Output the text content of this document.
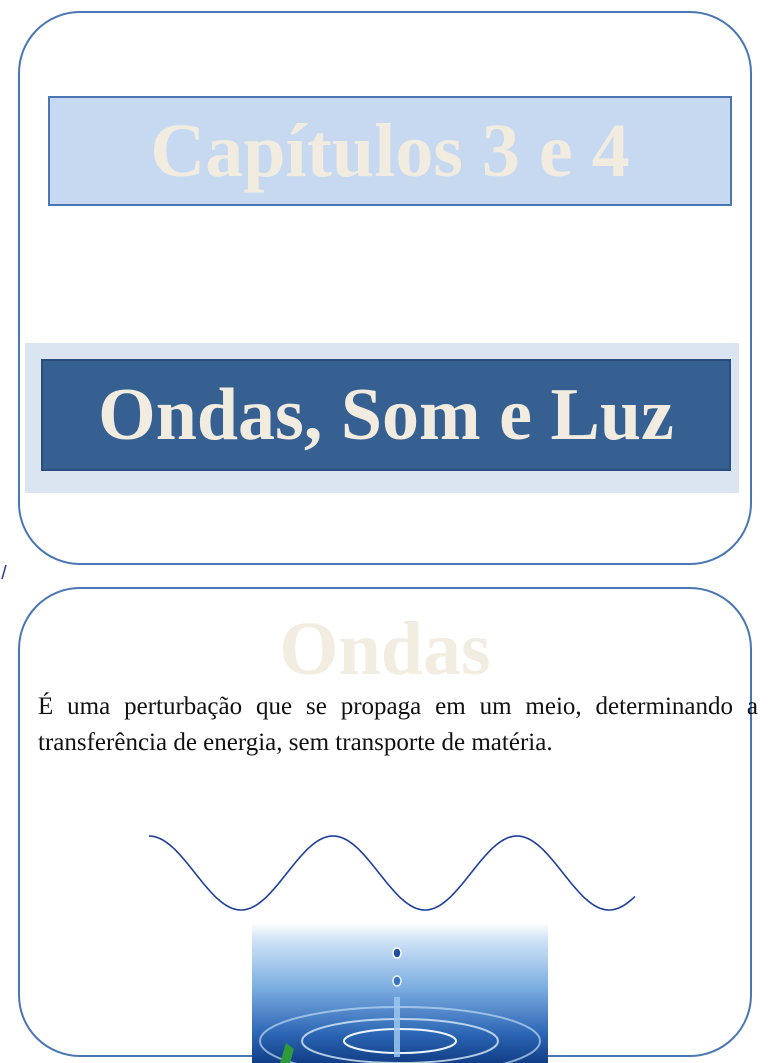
Capítulos 3 e 4
Ondas, Som e Luz
Ondas

É uma perturbação que se propaga em um meio, determinando a transferência de energia, sem transporte de matéria.
